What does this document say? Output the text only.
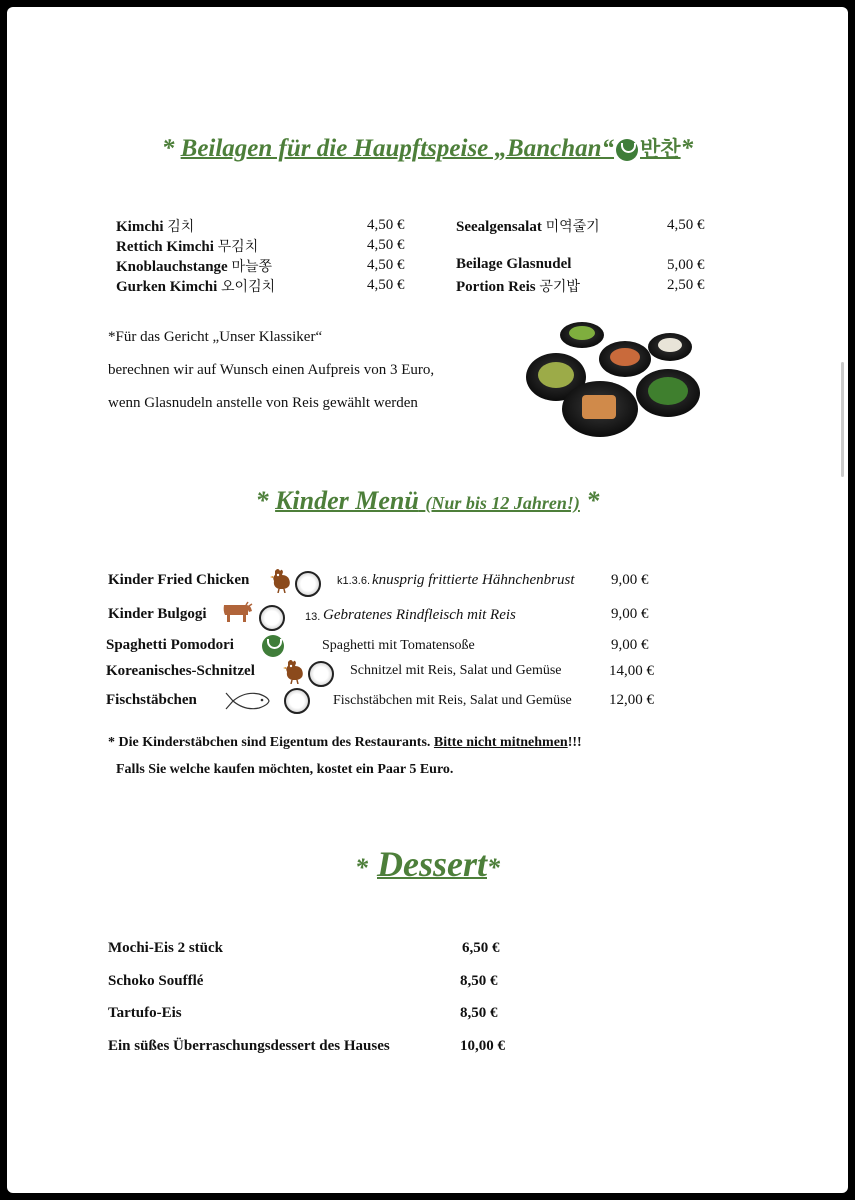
* Beilagen für die Haupftspeise „Banchan“ 반찬*
Kimchi 김치	4,50 €
Rettich Kimchi 무김치	4,50 €
Knoblauchstange 마늘쫑	4,50 €
Gurken Kimchi 오이김치	4,50 €
Seealgensalat 미역줄기	4,50 €
Beilage Glasnudel	5,00 €
Portion Reis 공기밥	2,50 €
*Für das Gericht „Unser Klassiker“
berechnen wir auf Wunsch einen Aufpreis von 3 Euro,
wenn Glasnudeln anstelle von Reis gewählt werden
* Kinder Menü (Nur bis 12 Jahren!) *
Kinder Fried Chicken	k1.3.6. knusprig frittierte Hähnchenbrust 9,00 €
Kinder Bulgogi	13. Gebratenes Rindfleisch mit Reis	9,00 €
Spaghetti Pomodori	Spaghetti mit Tomatensoße	9,00 €
Koreanisches-Schnitzel	Schnitzel mit Reis, Salat und Gemüse	14,00 €
Fischstäbchen	Fischstäbchen mit Reis, Salat und Gemüse 12,00 €
* Die Kinderstäbchen sind Eigentum des Restaurants. Bitte nicht mitnehmen!!!
Falls Sie welche kaufen möchten, kostet ein Paar 5 Euro.
* Dessert*
Mochi-Eis 2 stück	6,50 €
Schoko Soufflé	8,50 €
Tartufo-Eis	8,50 €
Ein süßes Überraschungsdessert des Hauses	10,00 €
